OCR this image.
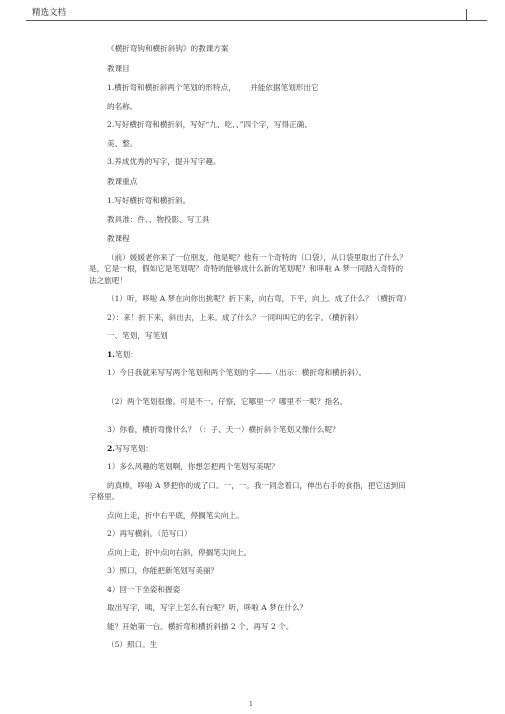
精选文档
《横折弯钩和横折斜钩》的教课方案
教课目
1.横折弯和横折斜两个笔划的形特点，      并能依据笔划形出它
的名称。
2.写好横折弯和横折斜，写好“九、吃、、”四个字，写得正确、
美、整。
3.养成优秀的写字，提升写字趣。
教课重点
1.写好横折弯和横折斜。
教具准：件、、物投影、写工具
教课程
（前）媛媛老你来了一位朋友，他是呢？他有一个奇特的（口袋），从口袋里取出了什么？是，它是一根，假如它是笔划呢？奇特的能够成什么新的笔划呢？和哆啦 A 梦一同踏入奇特的法之旅吧！
（1）听，哆啦 A 梦在向你出挑呢？折下来，向右弯，下平，向上。成了什么？（横折弯）
2）：来！折下来，斜出去，上来。成了什么？一同叫叫它的名字。（横折斜）
一、笔划，写笔划
1.笔划：
1）今日我就来写写两个笔划和两个笔划的字——（出示：横折弯和横折斜）。
（2）两个笔划很像。可是不一。仔察，它哪里一？哪里不一呢？指名。
3）你看，横折弯像什么？（：子、天一）横折斜个笔划又像什么呢？
2.写写笔划：
1）多么风趣的笔划啊，你想怎把两个笔划写美呢？
的真棒，哆啦 A 梦把你的成了口。一，一。我一同念着口，伸出右手的食指，把它送到田字格里。
点向上走，折中右平底，停搁笔尖向上。
2）再写横斜。（范写口）
点向上走，折中点向右斜，停搁笔尖向上。
3）照口，你能把新笔划写美丽？
4）回一下坐姿和握姿
取出写字，咦，写字上怎么有台呢？听，哆啦 A 梦在什么？
能？开始第一台。横折弯和横折斜描 2 个，再写 2 个。
（5）照口。生
1
